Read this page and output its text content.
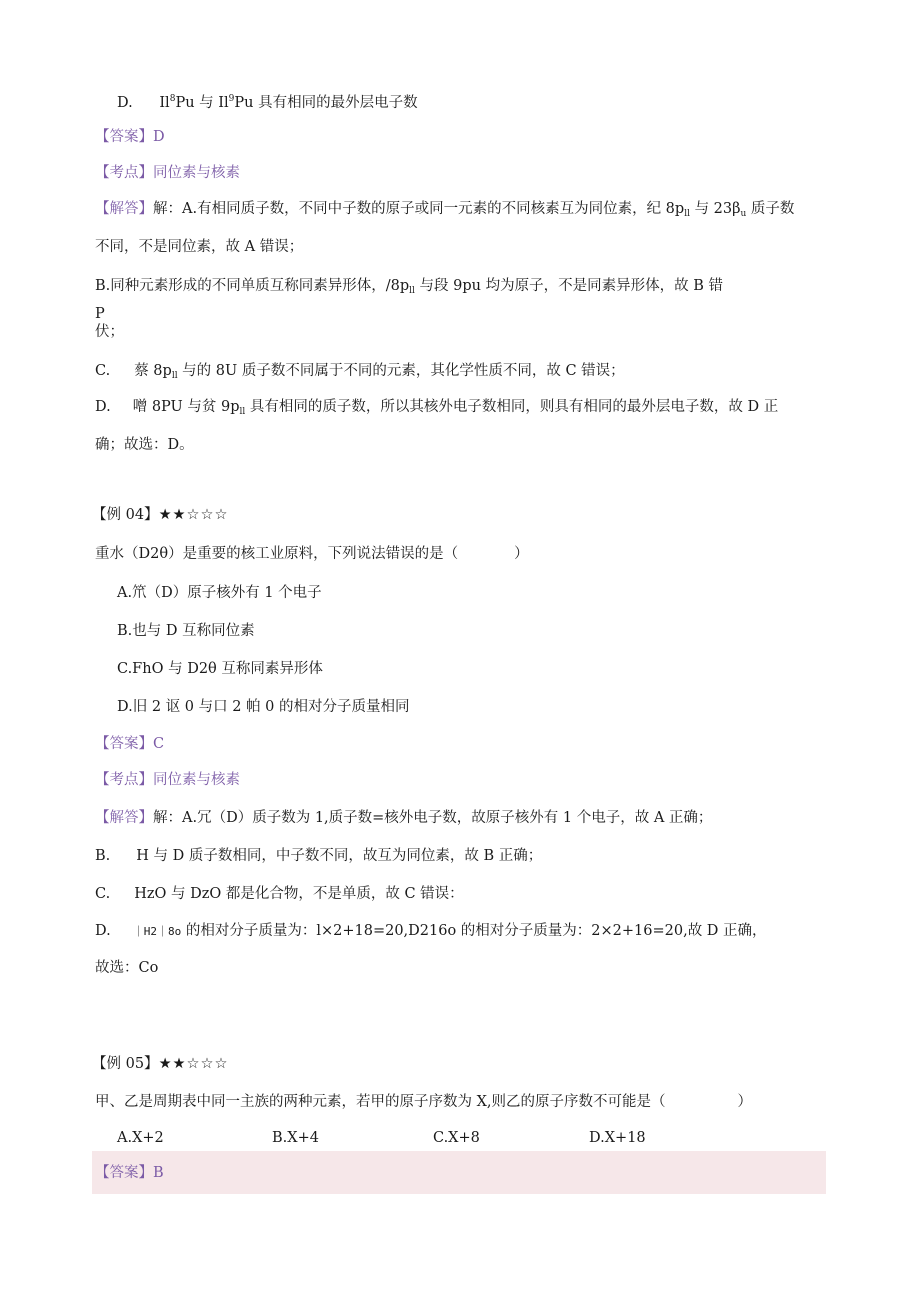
D. Il$^8$Pu 与 Il$^9$Pu 具有相同的最外层电子数
【答案】D
【考点】同位素与核素
【解答】解：A.有相同质子数，不同中子数的原子或同一元素的不同核素互为同位素，纪 $8p_{ll}$ 与 $23\beta_u$ 质子数
不同，不是同位素，故 A 错误；
B.同种元素形成的不同单质互称同素异形体，$/8p_{ll}$ 与段 9pu 均为原子，不是同素异形体，故 B 错
P
伏；
C. 蔡 $8p_{ll}$ 与的 8U 质子数不同属于不同的元素，其化学性质不同，故 C 错误；
D. 噌 8PU 与贫 $9p_{ll}$ 具有相同的质子数，所以其核外电子数相同，则具有相同的最外层电子数，故 D 正
确；故选：D。
【例 04】★★☆☆☆
重水（D2θ）是重要的核工业原料，下列说法错误的是（	）
A.笊（D）原子核外有 1 个电子
B.也与 D 互称同位素
C.FhO 与 D2θ 互称同素异形体
D.旧 2 讴 0 与口 2 帕 0 的相对分子质量相同
【答案】C
【考点】同位素与核素
【解答】解：A.冗（D）质子数为 1,质子数=核外电子数，故原子核外有 1 个电子，故 A 正确；
B. H 与 D 质子数相同，中子数不同，故互为同位素，故 B 正确；
C. HzO 与 DzO 都是化合物，不是单质，故 C 错误：
D. ｜H2｜8o 的相对分子质量为：l×2+18=20,D216o 的相对分子质量为：2×2+16=20,故 D 正确，
故选：Co
【例 05】★★☆☆☆
甲、乙是周期表中同一主族的两种元素，若甲的原子序数为 X,则乙的原子序数不可能是（	）
A.X+2	B.X+4	C.X+8	D.X+18
【答案】B
